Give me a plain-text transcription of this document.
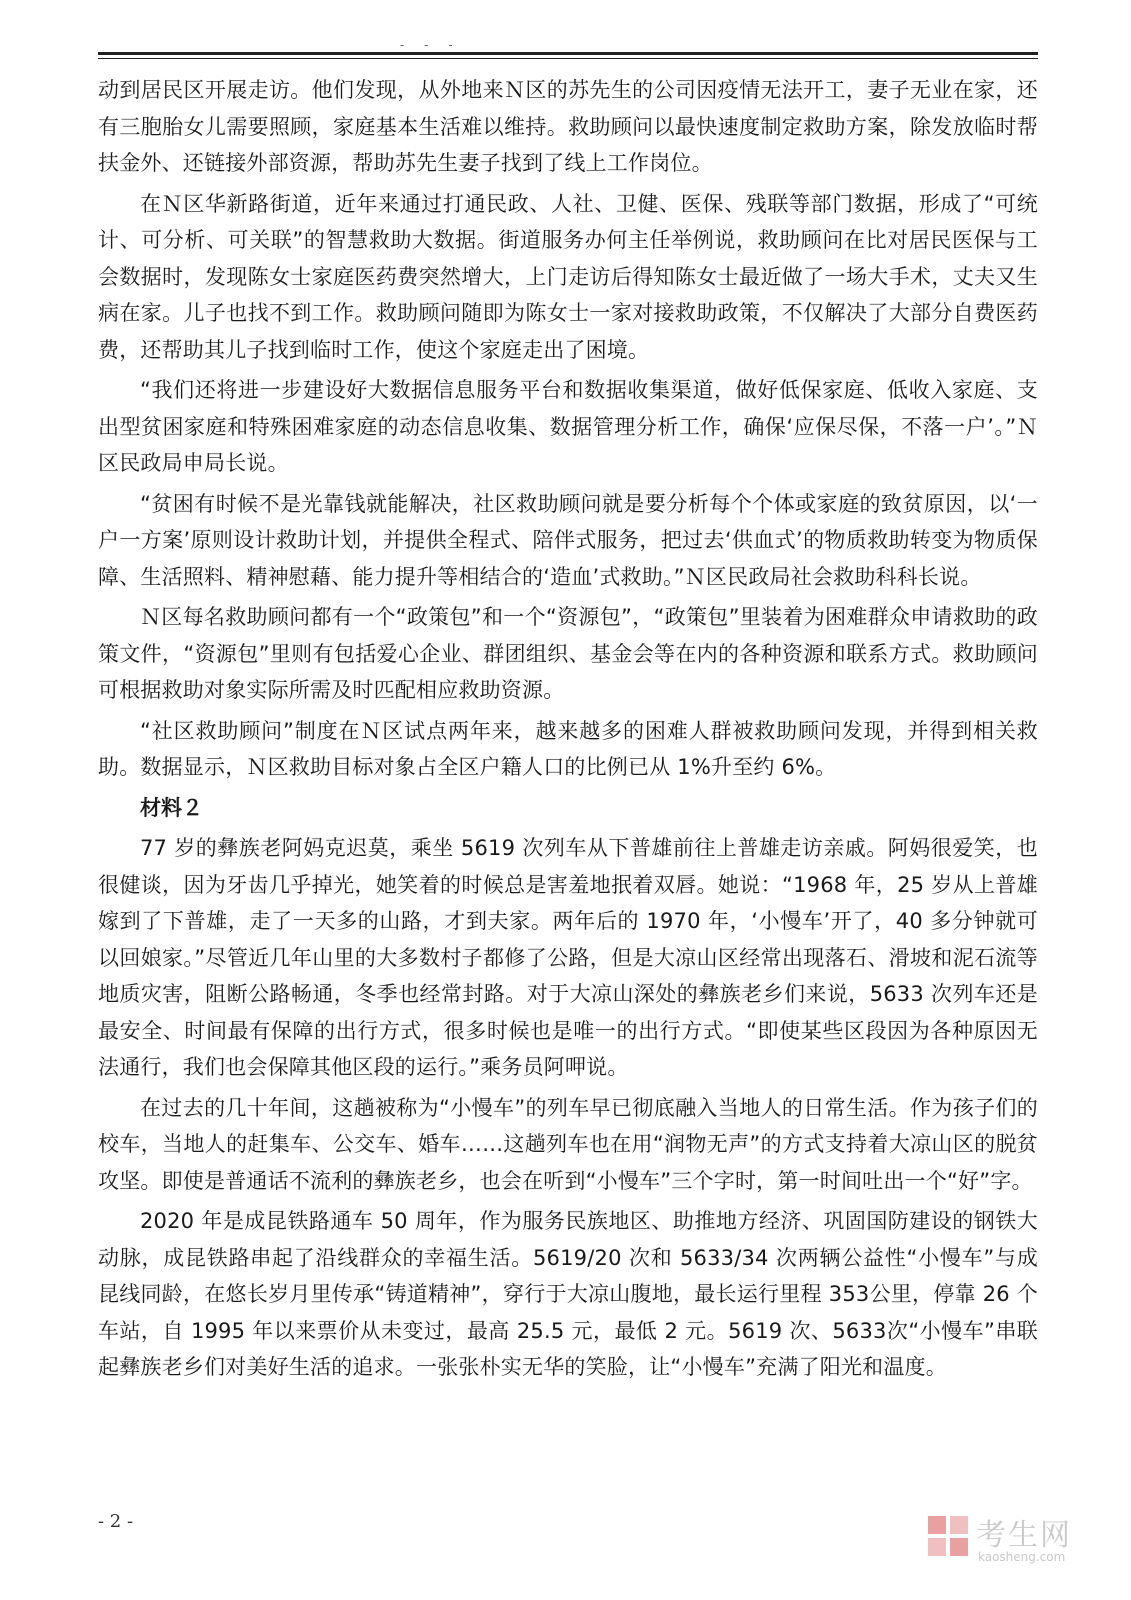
- - -

动到居民区开展走访。他们发现，从外地来Ｎ区的苏先生的公司因疫情无法开工，妻子无业在家，还有三胞胎女儿需要照顾，家庭基本生活难以维持。救助顾问以最快速度制定救助方案，除发放临时帮扶金外、还链接外部资源，帮助苏先生妻子找到了线上工作岗位。

在Ｎ区华新路街道，近年来通过打通民政、人社、卫健、医保、残联等部门数据，形成了“可统计、可分析、可关联”的智慧救助大数据。街道服务办何主任举例说，救助顾问在比对居民医保与工会数据时，发现陈女士家庭医药费突然增大，上门走访后得知陈女士最近做了一场大手术，丈夫又生病在家。儿子也找不到工作。救助顾问随即为陈女士一家对接救助政策，不仅解决了大部分自费医药费，还帮助其儿子找到临时工作，使这个家庭走出了困境。

“我们还将进一步建设好大数据信息服务平台和数据收集渠道，做好低保家庭、低收入家庭、支出型贫困家庭和特殊困难家庭的动态信息收集、数据管理分析工作，确保‘应保尽保，不落一户’。”Ｎ区民政局申局长说。

“贫困有时候不是光靠钱就能解决，社区救助顾问就是要分析每个个体或家庭的致贫原因，以‘一户一方案’原则设计救助计划，并提供全程式、陪伴式服务，把过去‘供血式’的物质救助转变为物质保障、生活照料、精神慰藉、能力提升等相结合的‘造血’式救助。”Ｎ区民政局社会救助科科长说。

Ｎ区每名救助顾问都有一个“政策包”和一个“资源包”，“政策包”里装着为困难群众申请救助的政策文件，“资源包”里则有包括爱心企业、群团组织、基金会等在内的各种资源和联系方式。救助顾问可根据救助对象实际所需及时匹配相应救助资源。

“社区救助顾问”制度在Ｎ区试点两年来，越来越多的困难人群被救助顾问发现，并得到相关救助。数据显示，Ｎ区救助目标对象占全区户籍人口的比例已从 1%升至约 6%。

材料２

77 岁的彝族老阿妈克迟莫，乘坐 5619 次列车从下普雄前往上普雄走访亲戚。阿妈很爱笑，也很健谈，因为牙齿几乎掉光，她笑着的时候总是害羞地抿着双唇。她说：“1968 年，25 岁从上普雄嫁到了下普雄，走了一天多的山路，才到夫家。两年后的 1970 年，‘小慢车’开了，40 多分钟就可以回娘家。”尽管近几年山里的大多数村子都修了公路，但是大凉山区经常出现落石、滑坡和泥石流等地质灾害，阻断公路畅通，冬季也经常封路。对于大凉山深处的彝族老乡们来说，5633 次列车还是最安全、时间最有保障的出行方式，很多时候也是唯一的出行方式。“即使某些区段因为各种原因无法通行，我们也会保障其他区段的运行。”乘务员阿呷说。

在过去的几十年间，这趟被称为“小慢车”的列车早已彻底融入当地人的日常生活。作为孩子们的校车，当地人的赶集车、公交车、婚车……这趟列车也在用“润物无声”的方式支持着大凉山区的脱贫攻坚。即使是普通话不流利的彝族老乡，也会在听到“小慢车”三个字时，第一时间吐出一个“好”字。

2020 年是成昆铁路通车 50 周年，作为服务民族地区、助推地方经济、巩固国防建设的钢铁大动脉，成昆铁路串起了沿线群众的幸福生活。5619/20 次和 5633/34 次两辆公益性“小慢车”与成昆线同龄，在悠长岁月里传承“铸道精神”，穿行于大凉山腹地，最长运行里程 353公里，停靠 26 个车站，自 1995 年以来票价从未变过，最高 25.5 元，最低 2 元。5619 次、5633次“小慢车”串联起彝族老乡们对美好生活的追求。一张张朴实无华的笑脸，让“小慢车”充满了阳光和温度。

- 2 -	考生网
kaosheng.com
